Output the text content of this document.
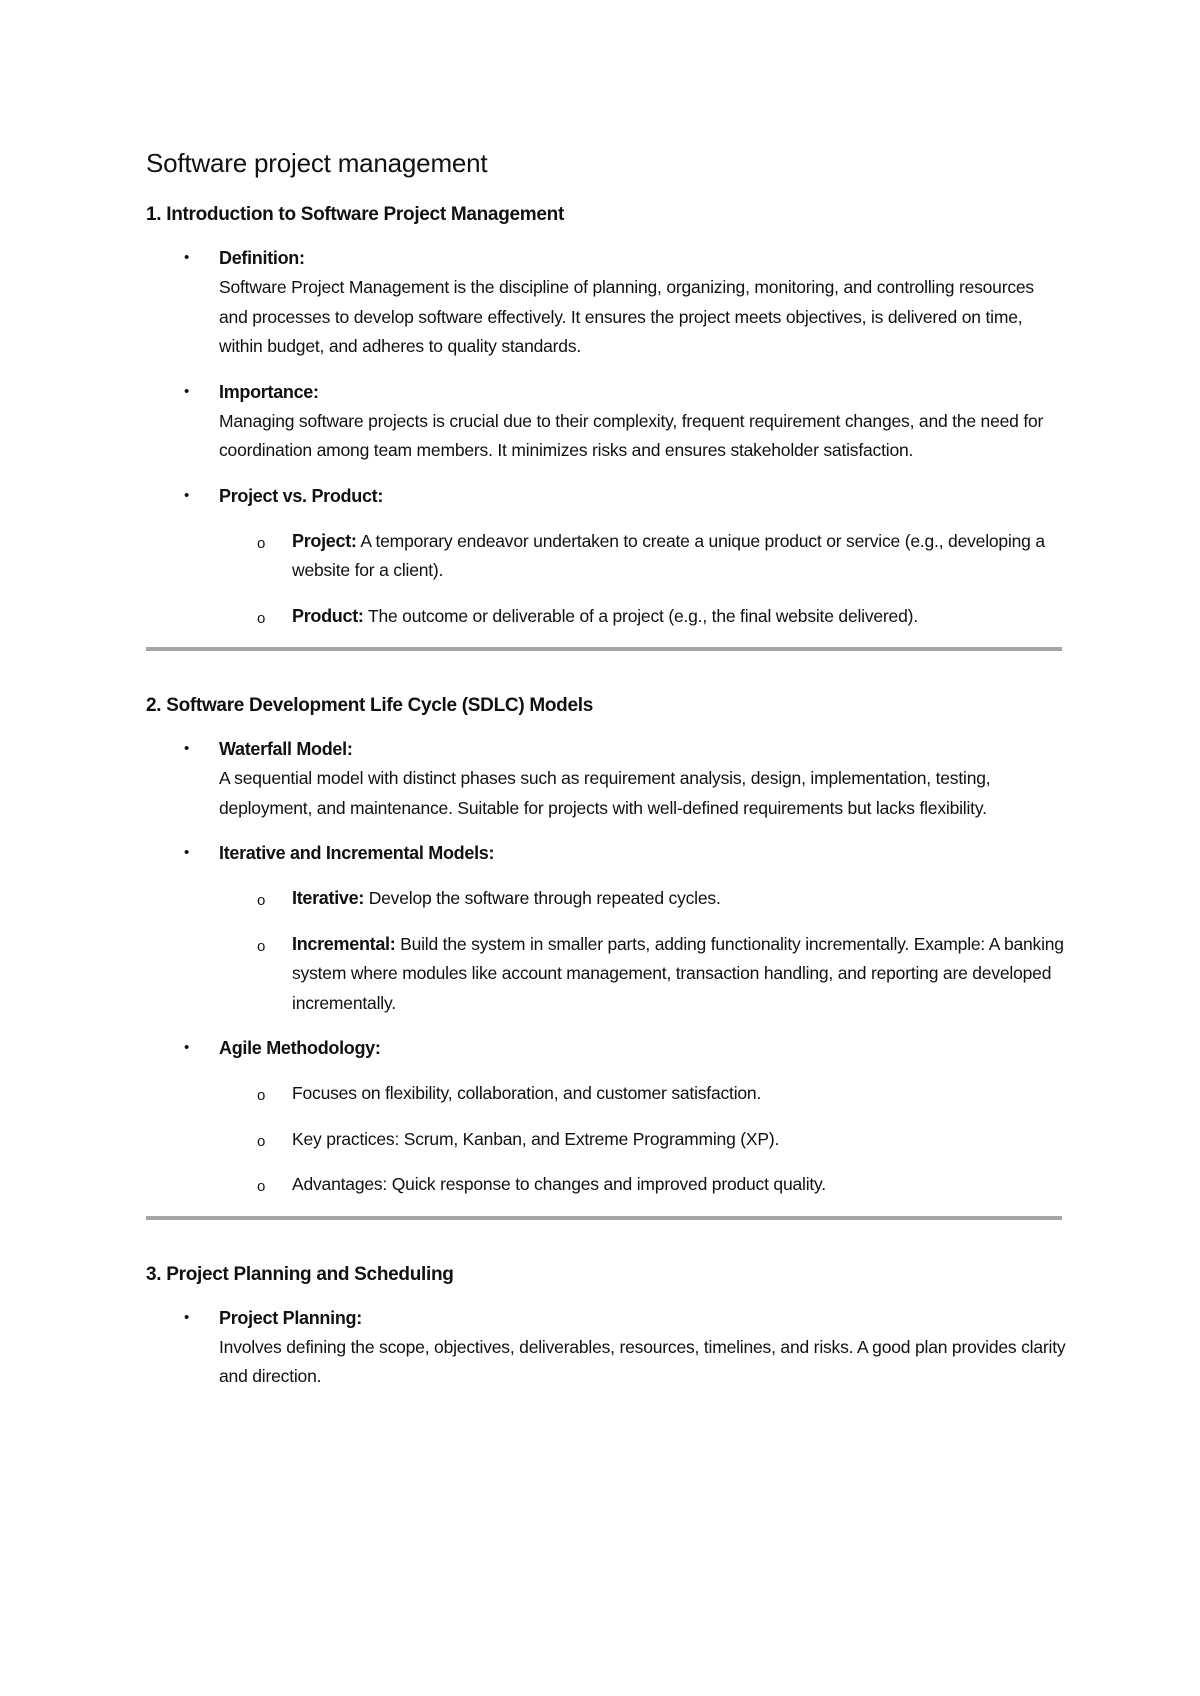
Software project management
1. Introduction to Software Project Management
• Definition:
Software Project Management is the discipline of planning, organizing, monitoring, and controlling resources and processes to develop software effectively. It ensures the project meets objectives, is delivered on time, within budget, and adheres to quality standards.
• Importance:
Managing software projects is crucial due to their complexity, frequent requirement changes, and the need for coordination among team members. It minimizes risks and ensures stakeholder satisfaction.
• Project vs. Product:
o Project: A temporary endeavor undertaken to create a unique product or service (e.g., developing a website for a client).
o Product: The outcome or deliverable of a project (e.g., the final website delivered).
2. Software Development Life Cycle (SDLC) Models
• Waterfall Model:
A sequential model with distinct phases such as requirement analysis, design, implementation, testing, deployment, and maintenance. Suitable for projects with well-defined requirements but lacks flexibility.
• Iterative and Incremental Models:
o Iterative: Develop the software through repeated cycles.
o Incremental: Build the system in smaller parts, adding functionality incrementally. Example: A banking system where modules like account management, transaction handling, and reporting are developed incrementally.
• Agile Methodology:
o Focuses on flexibility, collaboration, and customer satisfaction.
o Key practices: Scrum, Kanban, and Extreme Programming (XP).
o Advantages: Quick response to changes and improved product quality.
3. Project Planning and Scheduling
• Project Planning:
Involves defining the scope, objectives, deliverables, resources, timelines, and risks. A good plan provides clarity and direction.
